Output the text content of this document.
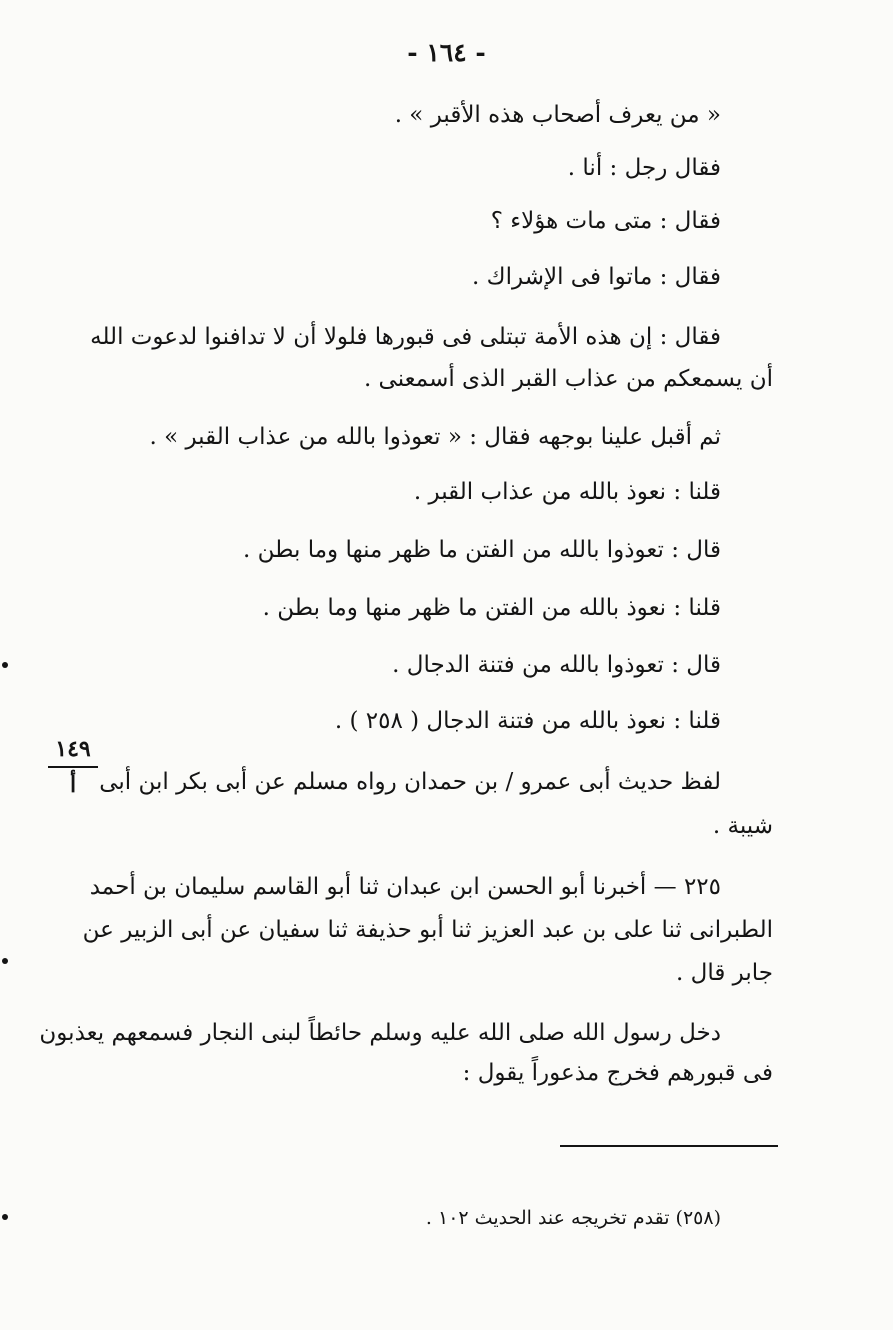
- ١٦٤ -
« من يعرف أصحاب هذه الأقبر » .
فقال رجل : أنا .
فقال : متى مات هؤلاء ؟
فقال : ماتوا فى الإشراك .
فقال : إن هذه الأمة تبتلى فى قبورها فلولا أن لا تدافنوا لدعوت الله
أن يسمعكم من عذاب القبر الذى أسمعنى .
ثم أقبل علينا بوجهه فقال : « تعوذوا بالله من عذاب القبر » .
قلنا : نعوذ بالله من عذاب القبر .
قال : تعوذوا بالله من الفتن ما ظهر منها وما بطن .
قلنا : نعوذ بالله من الفتن ما ظهر منها وما بطن .
قال : تعوذوا بالله من فتنة الدجال .
قلنا : نعوذ بالله من فتنة الدجال ( ٢٥٨ ) .
١٤٩
أ	لفظ حديث أبى عمرو / بن حمدان رواه مسلم عن أبى بكر ابن أبى
شيبة .
٢٢٥ — أخبرنا أبو الحسن ابن عبدان ثنا أبو القاسم سليمان بن أحمد
الطبرانى ثنا على بن عبد العزيز ثنا أبو حذيفة ثنا سفيان عن أبى الزبير عن
جابر قال .
دخل رسول الله صلى الله عليه وسلم حائطاً لبنى النجار فسمعهم يعذبون
فى قبورهم فخرج مذعوراً يقول :
(٢٥٨) تقدم تخريجه عند الحديث ١٠٢ .
